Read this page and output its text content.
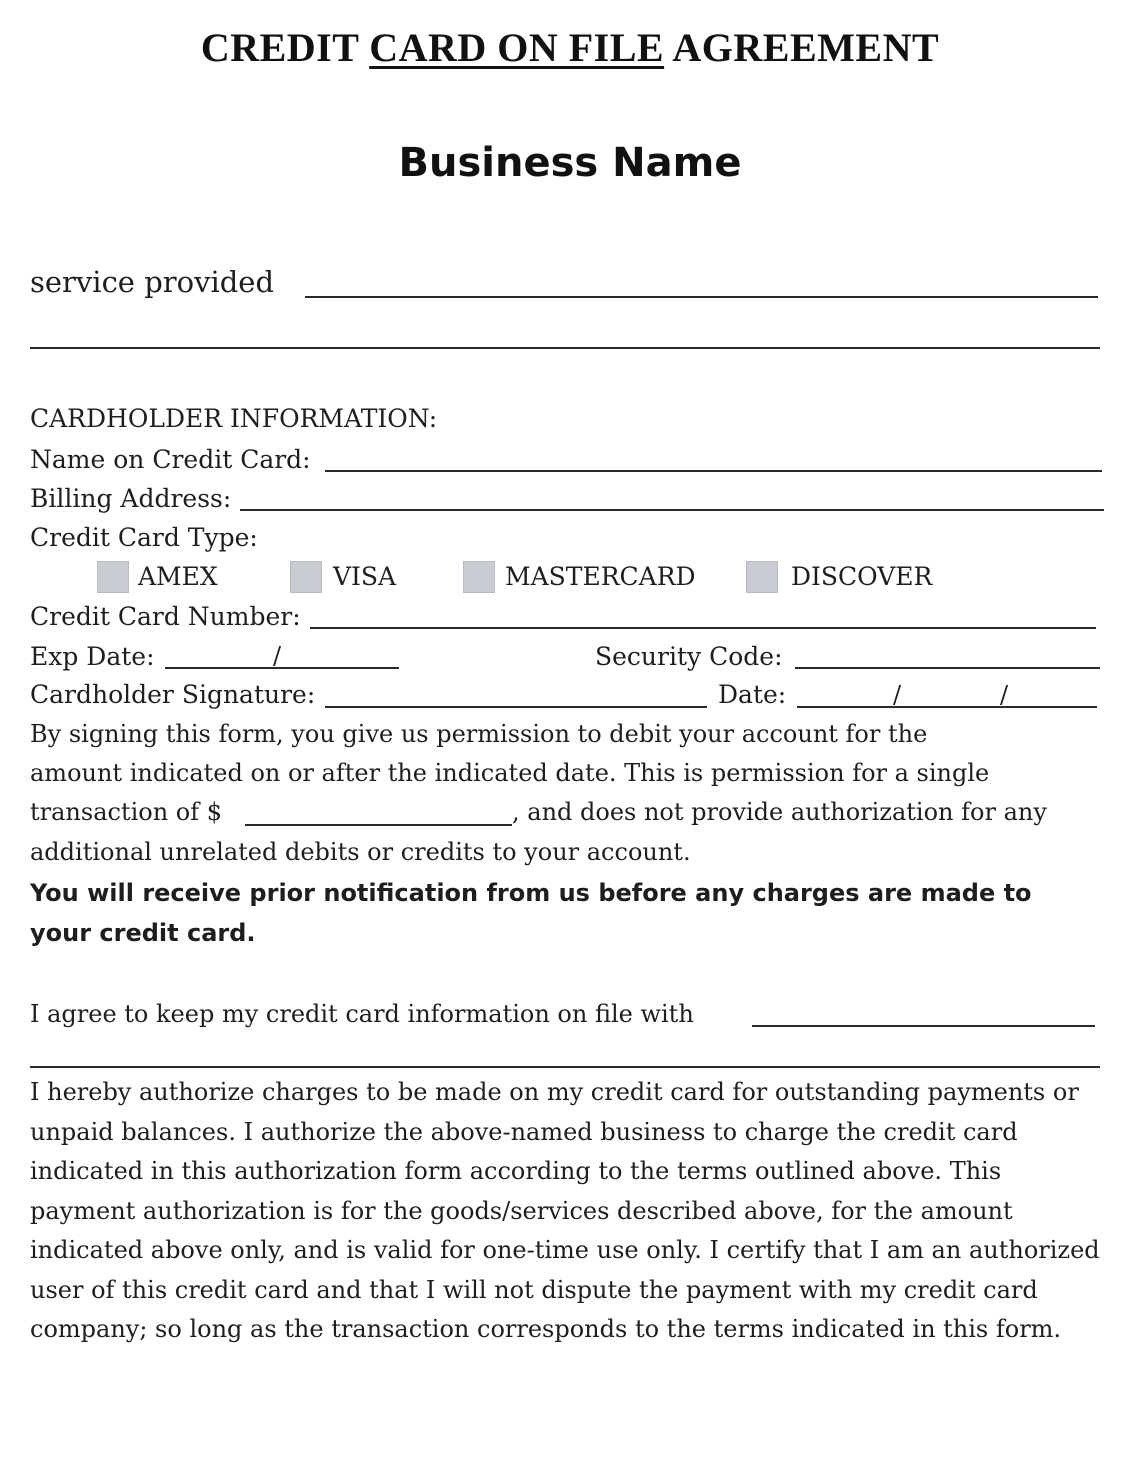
CREDIT CARD ON FILE AGREEMENT
Business Name
service provided
CARDHOLDER INFORMATION:
Name on Credit Card:
Billing Address:
Credit Card Type:
AMEX	VISA	MASTERCARD	DISCOVER
Credit Card Number:
Exp Date:	/	Security Code:
Cardholder Signature:	Date:	/	/
By signing this form, you give us permission to debit your account for the
amount indicated on or after the indicated date. This is permission for a single
transaction of $	, and does not provide authorization for any
additional unrelated debits or credits to your account.
You will receive prior notification from us before any charges are made to your credit card.
I agree to keep my credit card information on file with
I hereby authorize charges to be made on my credit card for outstanding payments or unpaid balances. I authorize the above-named business to charge the credit card indicated in this authorization form according to the terms outlined above. This payment authorization is for the goods/services described above, for the amount indicated above only, and is valid for one-time use only. I certify that I am an authorized user of this credit card and that I will not dispute the payment with my credit card company; so long as the transaction corresponds to the terms indicated in this form.
